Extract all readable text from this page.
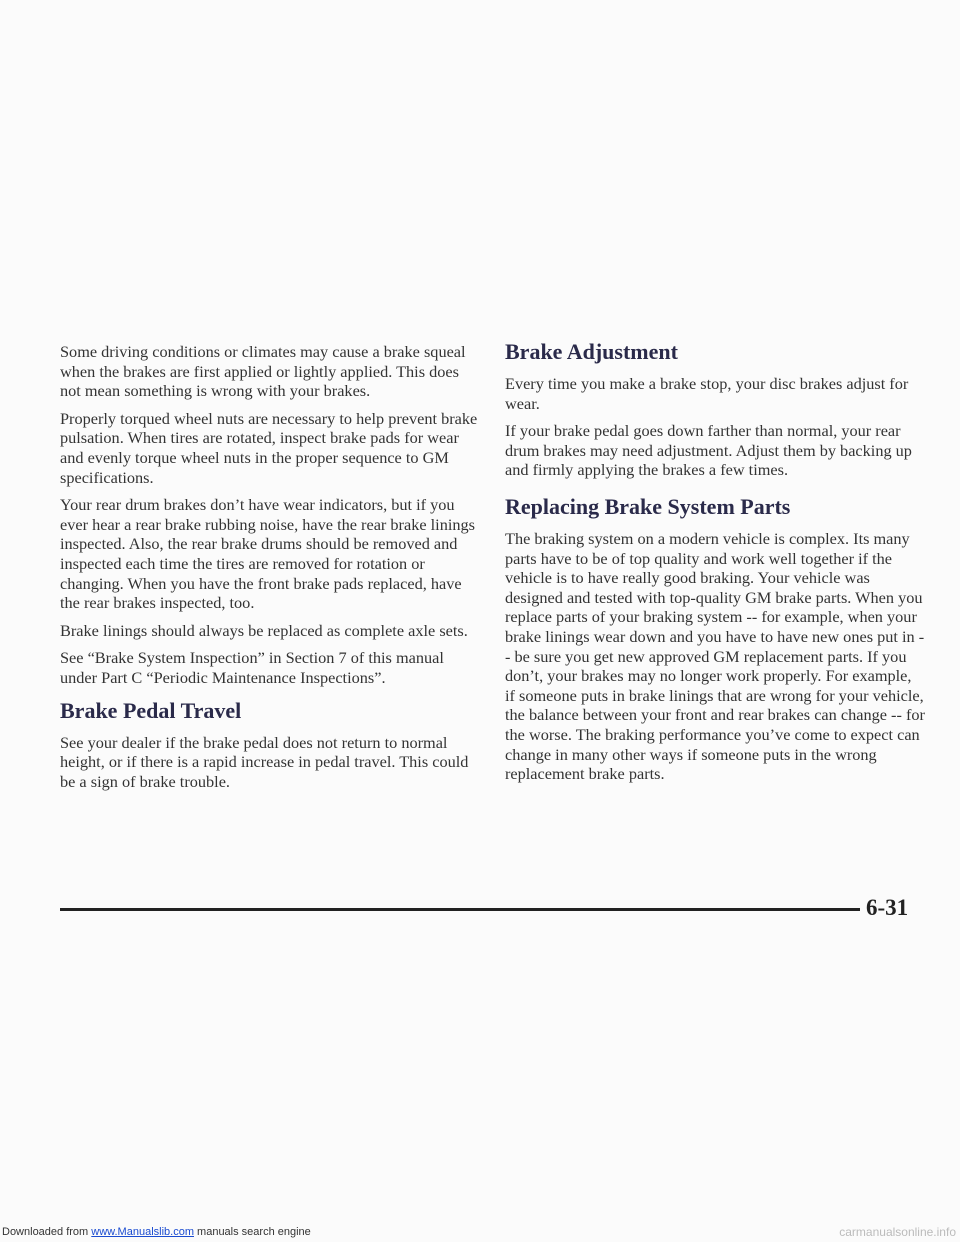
Some driving conditions or climates may cause a brake squeal when the brakes are first applied or lightly applied. This does not mean something is wrong with your brakes.

Properly torqued wheel nuts are necessary to help prevent brake pulsation. When tires are rotated, inspect brake pads for wear and evenly torque wheel nuts in the proper sequence to GM specifications.

Your rear drum brakes don’t have wear indicators, but if you ever hear a rear brake rubbing noise, have the rear brake linings inspected. Also, the rear brake drums should be removed and inspected each time the tires are removed for rotation or changing. When you have the front brake pads replaced, have the rear brakes inspected, too.

Brake linings should always be replaced as complete axle sets.

See “Brake System Inspection” in Section 7 of this manual under Part C “Periodic Maintenance Inspections”.

Brake Pedal Travel

See your dealer if the brake pedal does not return to normal height, or if there is a rapid increase in pedal travel. This could be a sign of brake trouble.

Brake Adjustment

Every time you make a brake stop, your disc brakes adjust for wear.

If your brake pedal goes down farther than normal, your rear drum brakes may need adjustment. Adjust them by backing up and firmly applying the brakes a few times.

Replacing Brake System Parts

The braking system on a modern vehicle is complex. Its many parts have to be of top quality and work well together if the vehicle is to have really good braking. Your vehicle was designed and tested with top-quality GM brake parts. When you replace parts of your braking system -- for example, when your brake linings wear down and you have to have new ones put in -- be sure you get new approved GM replacement parts. If you don’t, your brakes may no longer work properly. For example, if someone puts in brake linings that are wrong for your vehicle, the balance between your front and rear brakes can change -- for the worse. The braking performance you’ve come to expect can change in many other ways if someone puts in the wrong replacement brake parts.

6-31
Downloaded from www.Manualslib.com manuals search engine	carmanualsonline.info
